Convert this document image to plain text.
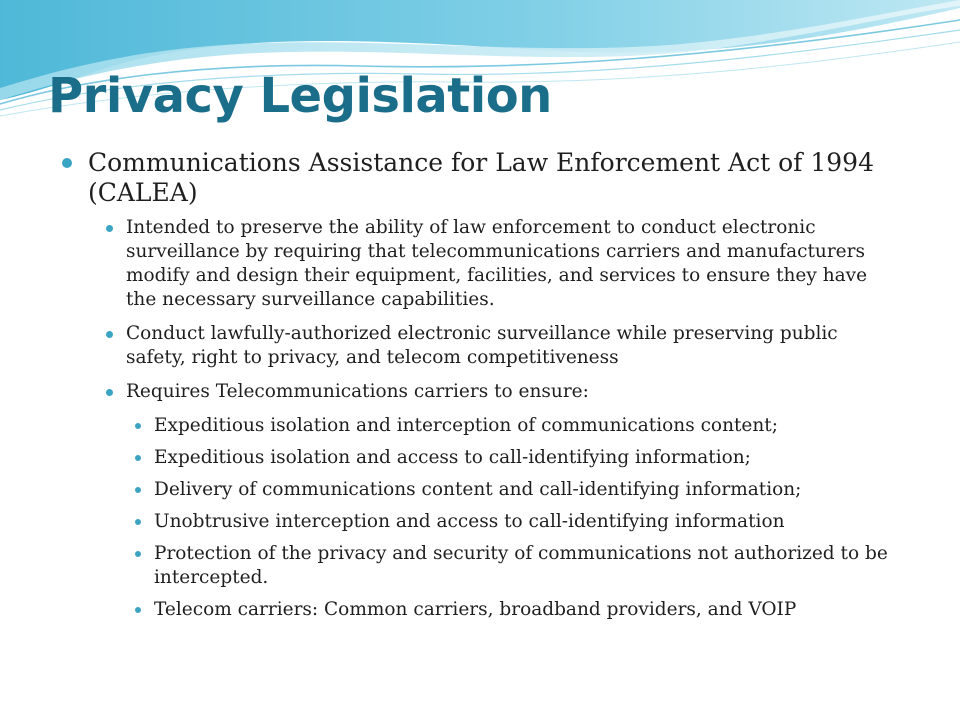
Privacy Legislation
Communications Assistance for Law Enforcement Act of 1994 (CALEA)
Intended to preserve the ability of law enforcement to conduct electronic surveillance by requiring that telecommunications carriers and manufacturers modify and design their equipment, facilities, and services to ensure they have the necessary surveillance capabilities.
Conduct lawfully-authorized electronic surveillance while preserving public safety, right to privacy, and telecom competitiveness
Requires Telecommunications carriers to ensure:
Expeditious isolation and interception of communications content;
Expeditious isolation and access to call-identifying information;
Delivery of communications content and call-identifying information;
Unobtrusive interception and access to call-identifying information
Protection of the privacy and security of communications not authorized to be intercepted.
Telecom carriers: Common carriers, broadband providers, and VOIP
